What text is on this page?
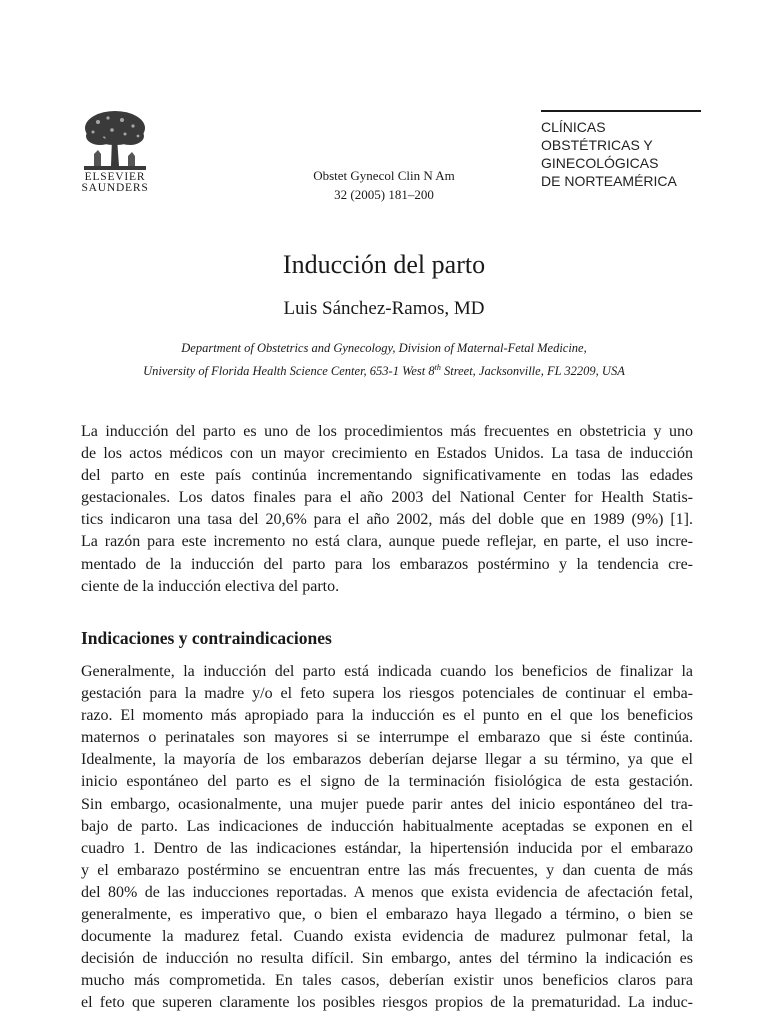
ELSEVIER
SAUNDERS
Obstet Gynecol Clin N Am
32 (2005) 181–200
CLÍNICAS
OBSTÉTRICAS Y
GINECOLÓGICAS
DE NORTEAMÉRICA
Inducción del parto
Luis Sánchez-Ramos, MD
Department of Obstetrics and Gynecology, Division of Maternal-Fetal Medicine,
University of Florida Health Science Center, 653-1 West 8th Street, Jacksonville, FL 32209, USA
La inducción del parto es uno de los procedimientos más frecuentes en obstetricia y uno
de los actos médicos con un mayor crecimiento en Estados Unidos. La tasa de inducción
del parto en este país continúa incrementando significativamente en todas las edades
gestacionales. Los datos finales para el año 2003 del National Center for Health Statis-
tics indicaron una tasa del 20,6% para el año 2002, más del doble que en 1989 (9%) [1].
La razón para este incremento no está clara, aunque puede reflejar, en parte, el uso incre-
mentado de la inducción del parto para los embarazos postérmino y la tendencia cre-
ciente de la inducción electiva del parto.
Indicaciones y contraindicaciones
Generalmente, la inducción del parto está indicada cuando los beneficios de finalizar la
gestación para la madre y/o el feto supera los riesgos potenciales de continuar el emba-
razo. El momento más apropiado para la inducción es el punto en el que los beneficios
maternos o perinatales son mayores si se interrumpe el embarazo que si éste continúa.
Idealmente, la mayoría de los embarazos deberían dejarse llegar a su término, ya que el
inicio espontáneo del parto es el signo de la terminación fisiológica de esta gestación.
Sin embargo, ocasionalmente, una mujer puede parir antes del inicio espontáneo del tra-
bajo de parto. Las indicaciones de inducción habitualmente aceptadas se exponen en el
cuadro 1. Dentro de las indicaciones estándar, la hipertensión inducida por el embarazo
y el embarazo postérmino se encuentran entre las más frecuentes, y dan cuenta de más
del 80% de las inducciones reportadas. A menos que exista evidencia de afectación fetal,
generalmente, es imperativo que, o bien el embarazo haya llegado a término, o bien se
documente la madurez fetal. Cuando exista evidencia de madurez pulmonar fetal, la
decisión de inducción no resulta difícil. Sin embargo, antes del término la indicación es
mucho más comprometida. En tales casos, deberían existir unos beneficios claros para
el feto que superen claramente los posibles riesgos propios de la prematuridad. La induc-
